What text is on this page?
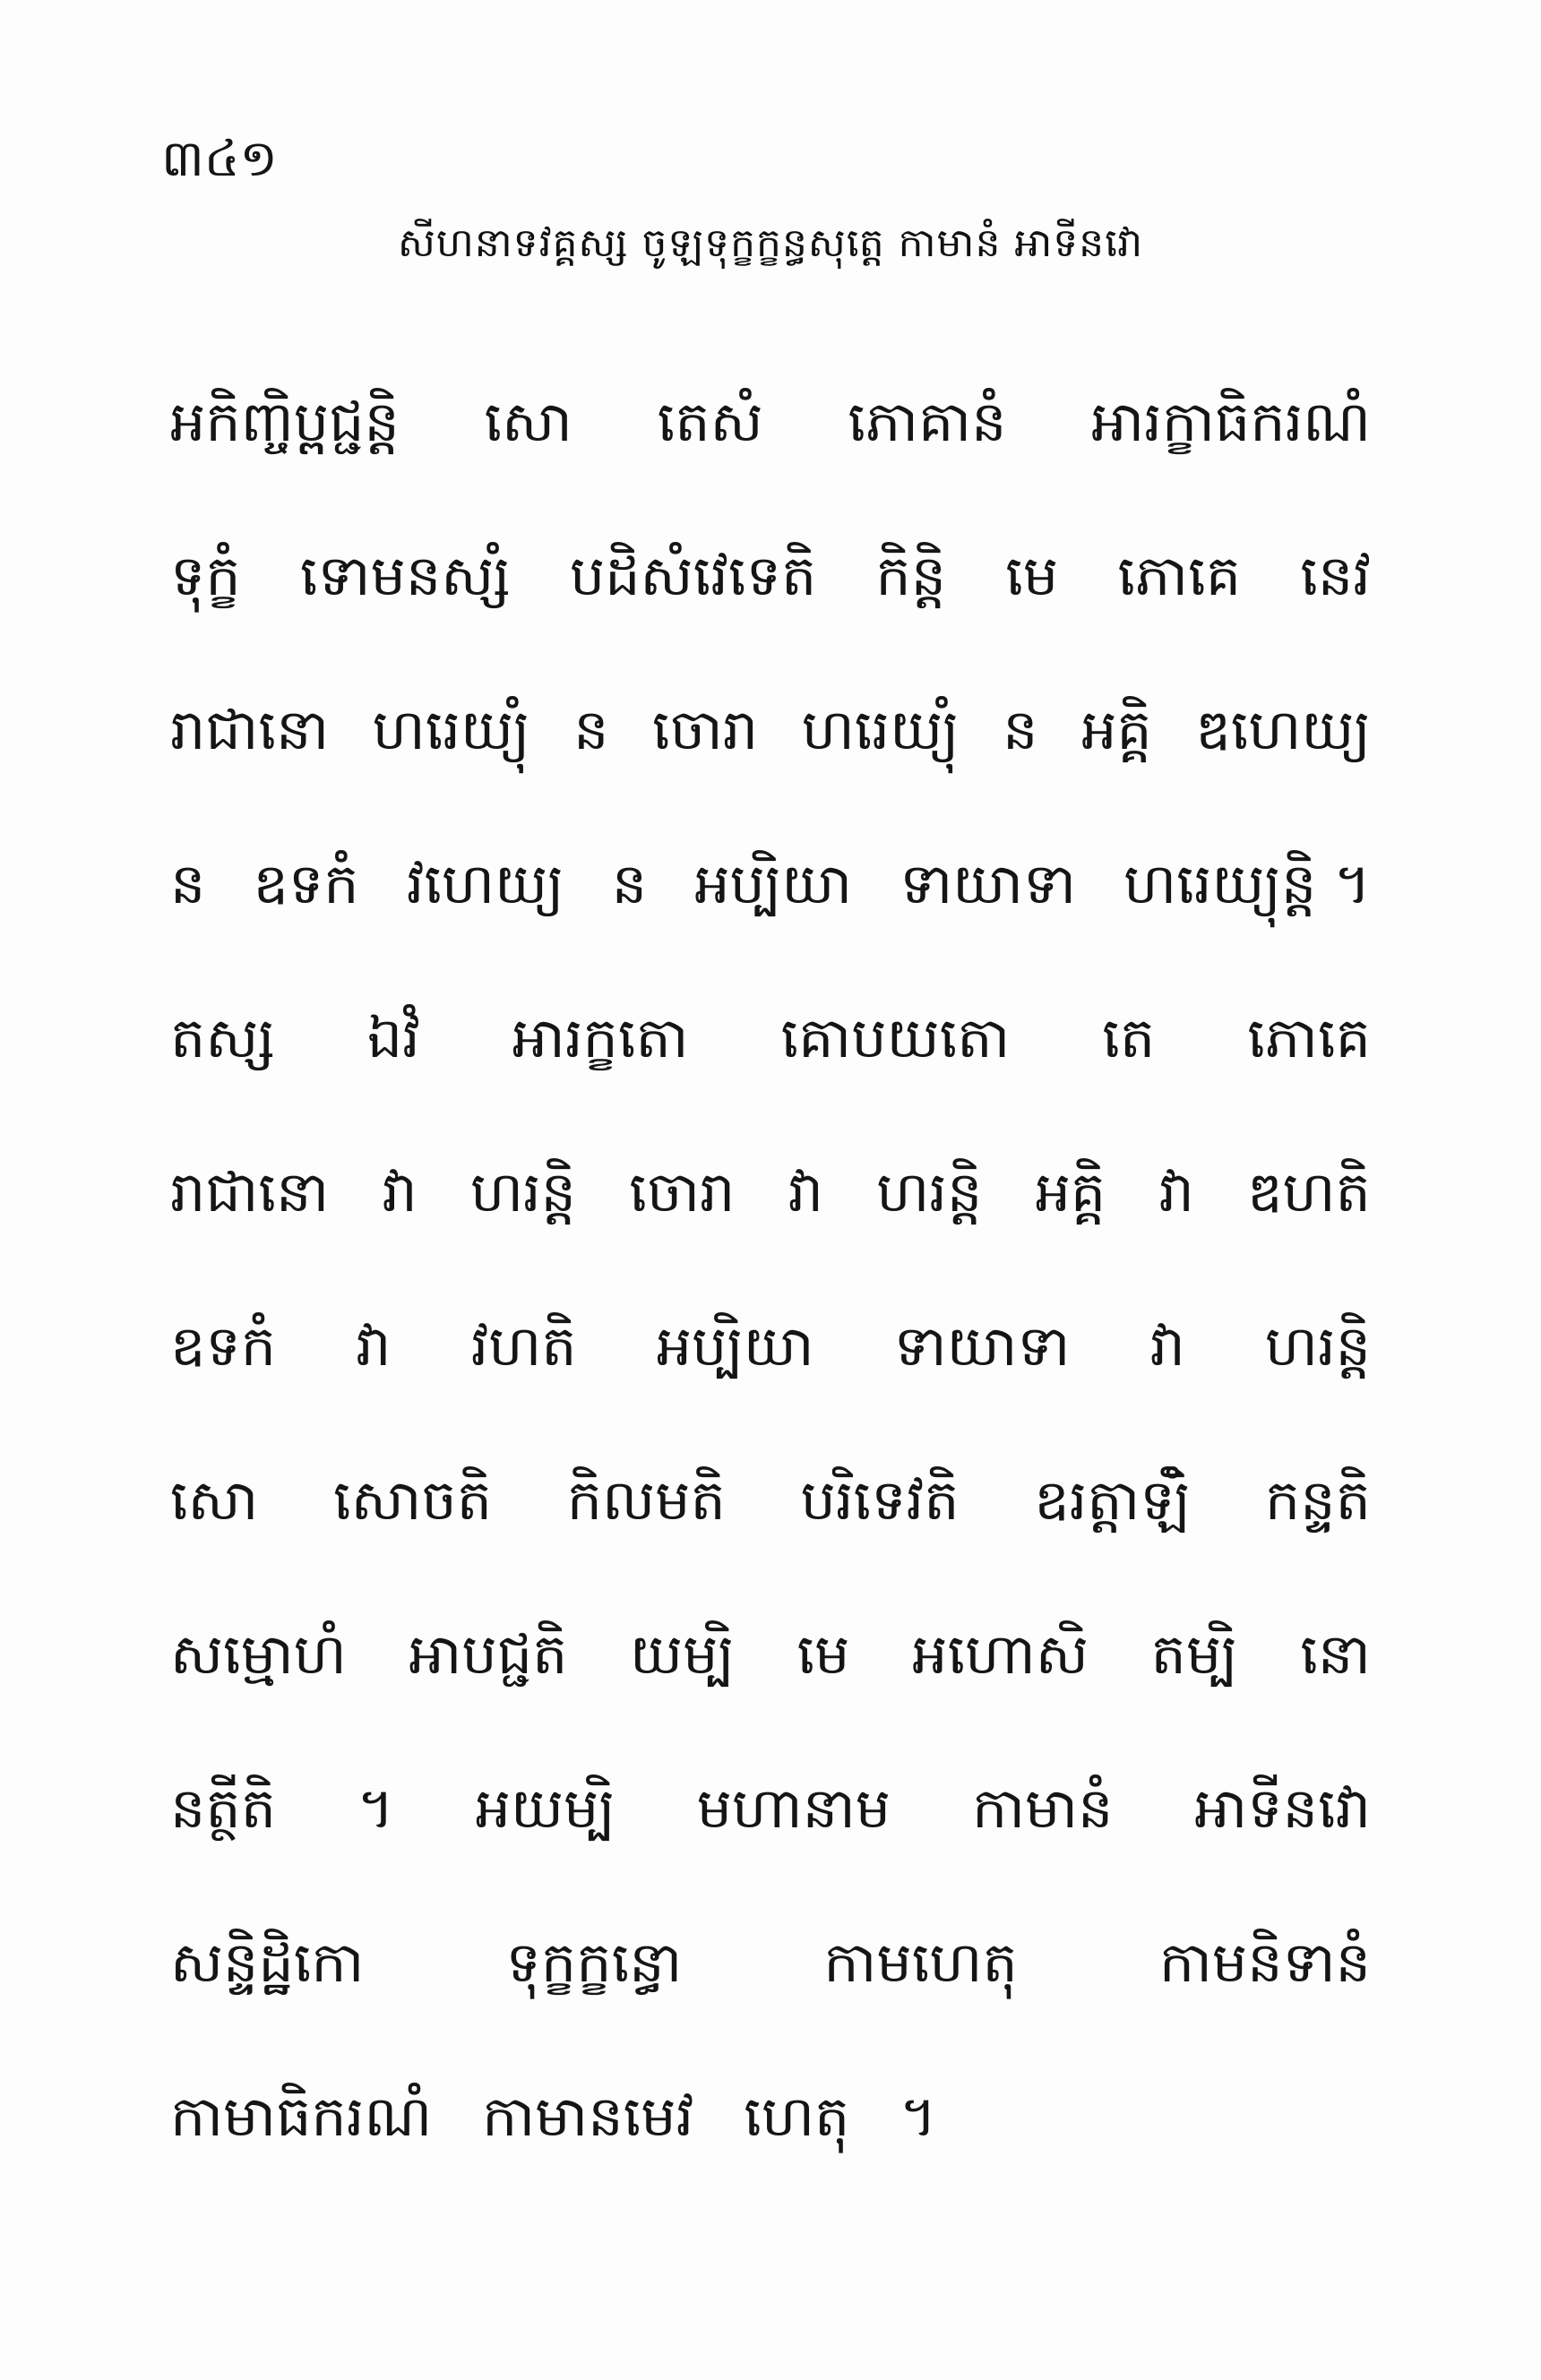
៣៤១
សីហនាទវគ្គស្ស ចូឡទុក្ខក្ខន្ធសុត្តេ កាមានំ អាទីនវោ
អកិញ្ចិប្ពជ្ជន្តិ សោ តេសំ ភោគានំ អារក្ខាធិករណំ
ទុក្ខំ ទោមនស្សំ បដិសំវេទេតិ កិន្តិ មេ ភោគេ នេវ
រាជានោ ហរេយ្យុំ ន ចោរា ហរេយ្យុំ ន អគ្គិ ឌហេយ្យ
ន ឧទកំ វហេយ្យ ន អប្បិយា ទាយាទា ហរេយ្យុន្តិ ។
តស្ស ឯវំ អារក្ខតោ គោបយតោ តេ ភោគេ
រាជានោ វា ហរន្តិ ចោរា វា ហរន្តិ អគ្គិ វា ឌហតិ
ឧទកំ វា វហតិ អប្បិយា ទាយាទា វា ហរន្តិ
សោ សោចតិ កិលមតិ បរិទេវតិ ឧរត្តាឡិំ កន្ទតិ
សម្មោហំ អាបជ្ជតិ យម្បិ មេ អហោសិ តម្បិ នោ
នត្ថីតិ ។ អយម្បិ មហានាម កាមានំ អាទីនវោ
សន្ទិដ្ឋិកោ	ទុក្ខក្ខន្ធោ	កាមហេតុ	កាមនិទានំ
កាមាធិករណំ កាមានមេវ ហេតុ ។
